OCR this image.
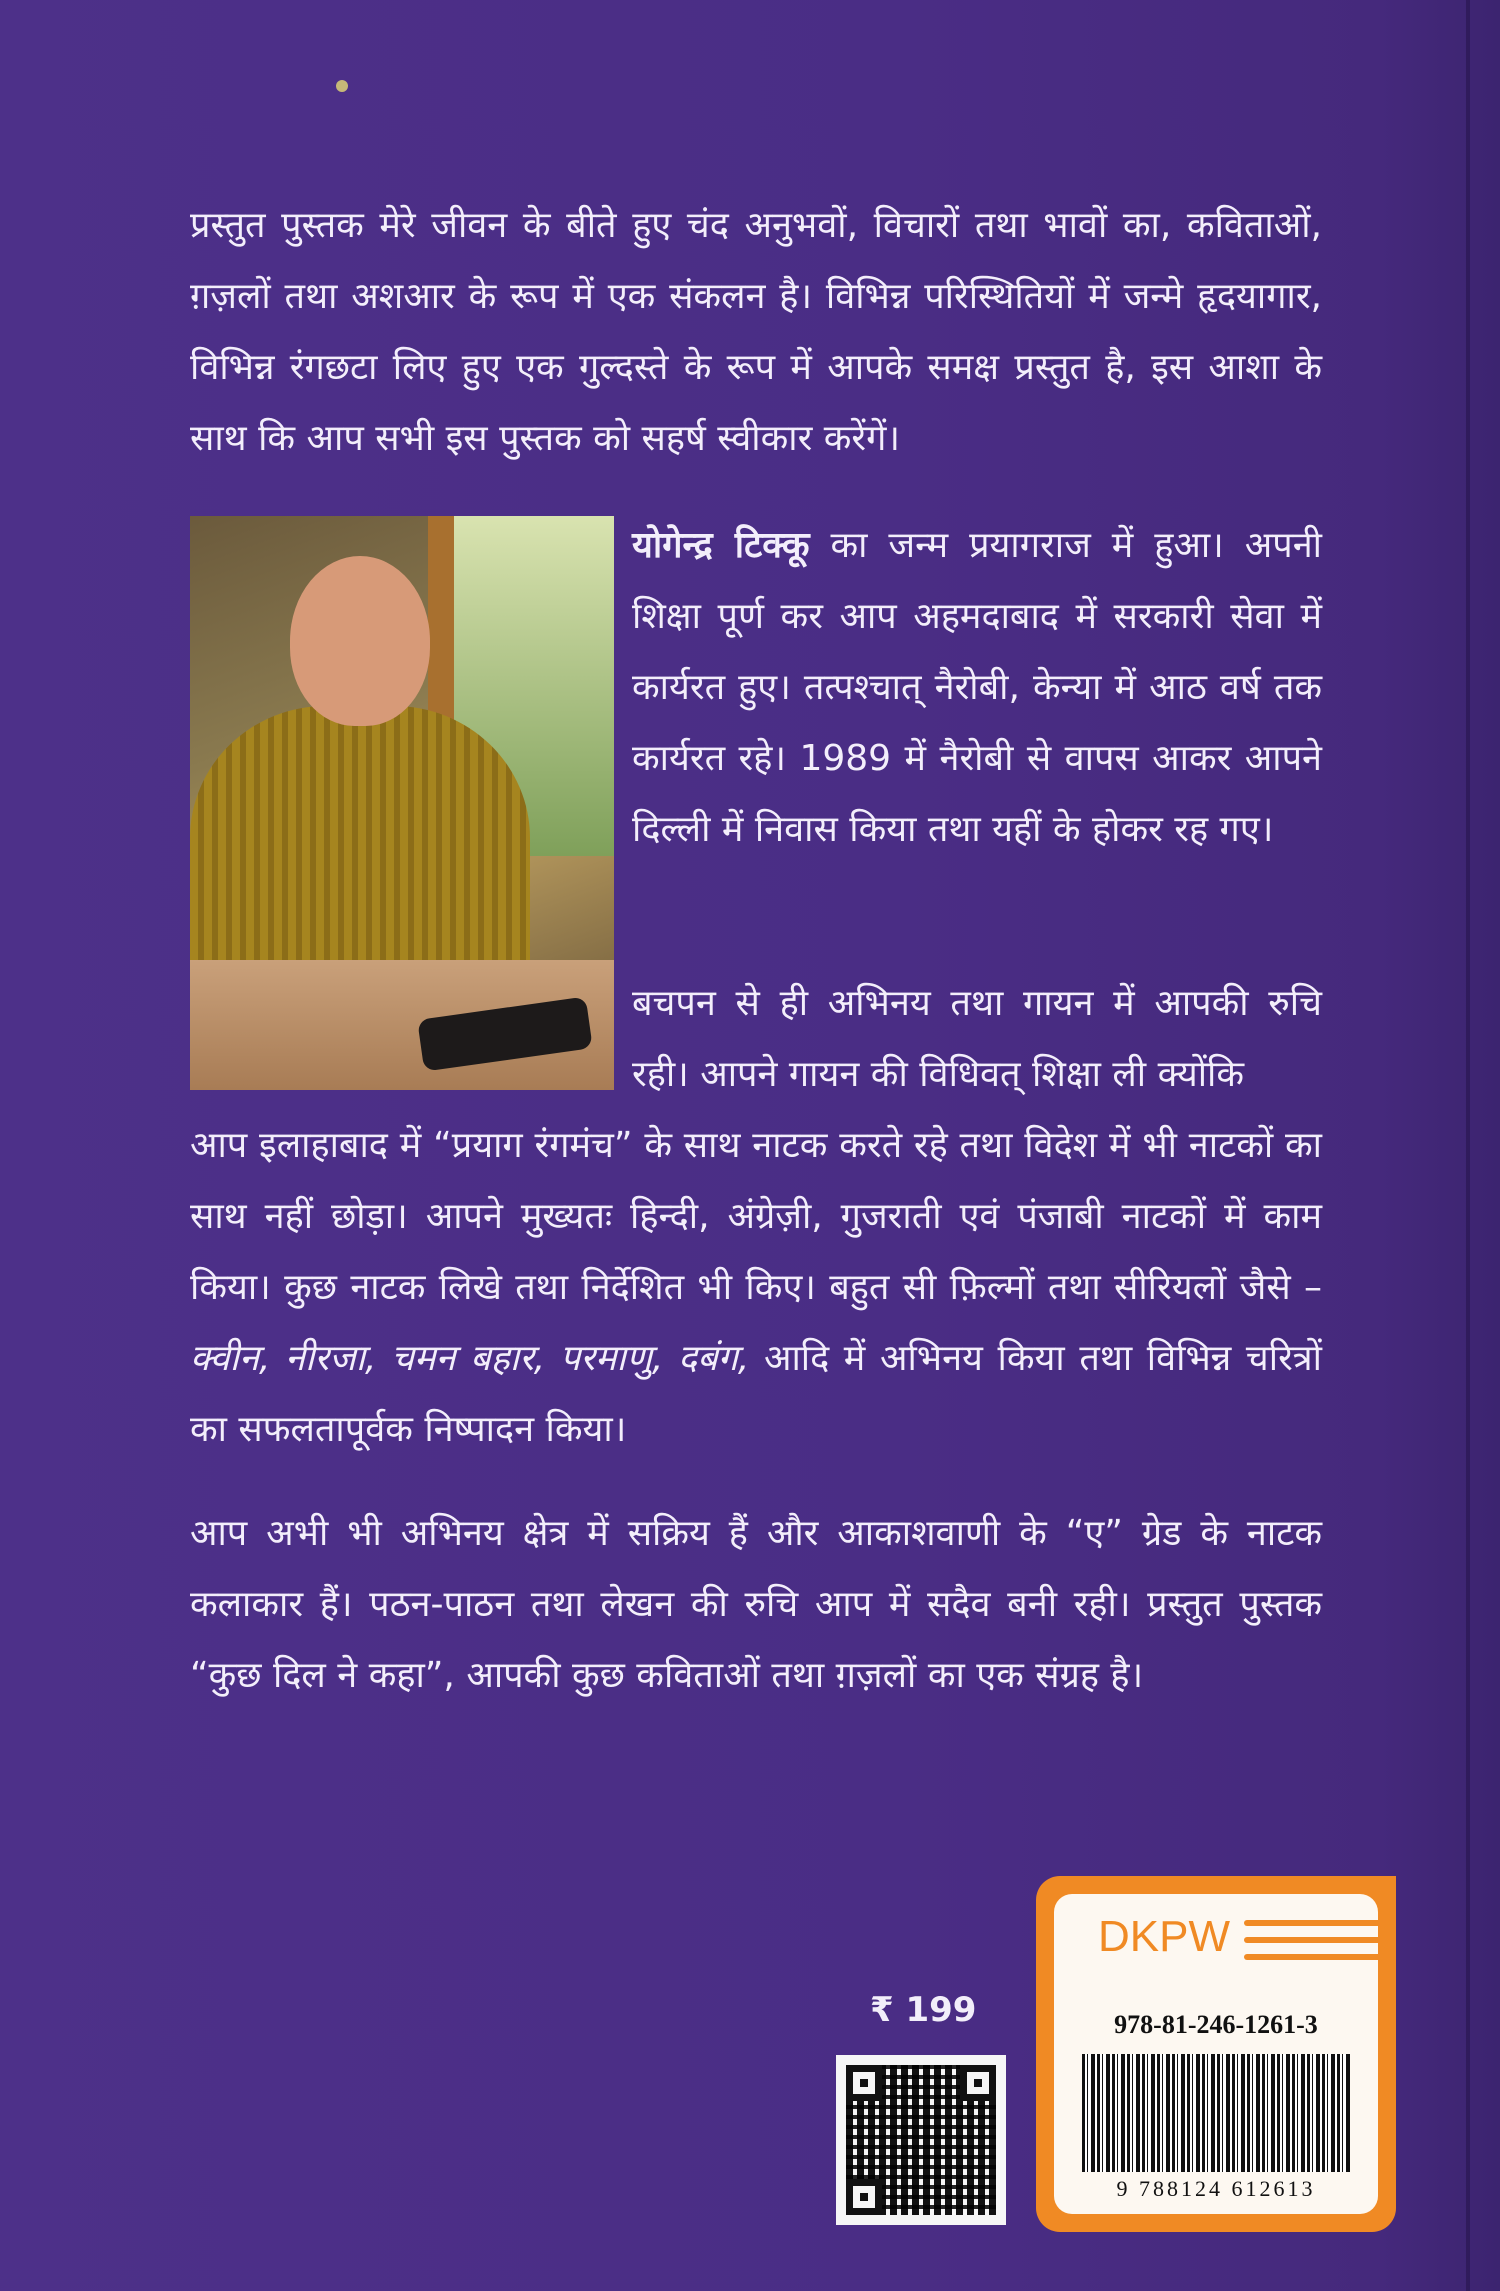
प्रस्तुत पुस्तक मेरे जीवन के बीते हुए चंद अनुभवों, विचारों तथा भावों का, कविताओं, ग़ज़लों तथा अशआर के रूप में एक संकलन है। विभिन्न परिस्थितियों में जन्मे हृदयागार, विभिन्न रंगछटा लिए हुए एक गुल्दस्ते के रूप में आपके समक्ष प्रस्तुत है, इस आशा के साथ कि आप सभी इस पुस्तक को सहर्ष स्वीकार करेंगें।
योगेन्द्र टिक्कू का जन्म प्रयागराज में हुआ। अपनी शिक्षा पूर्ण कर आप अहमदाबाद में सरकारी सेवा में कार्यरत हुए। तत्पश्चात् नैरोबी, केन्या में आठ वर्ष तक कार्यरत रहे। 1989 में नैरोबी से वापस आकर आपने दिल्ली में निवास किया तथा यहीं के होकर रह गए।
बचपन से ही अभिनय तथा गायन में आपकी रुचि रही। आपने गायन की विधिवत् शिक्षा ली क्योंकि
आप इलाहाबाद में “प्रयाग रंगमंच” के साथ नाटक करते रहे तथा विदेश में भी नाटकों का साथ नहीं छोड़ा। आपने मुख्यतः हिन्दी, अंग्रेज़ी, गुजराती एवं पंजाबी नाटकों में काम किया। कुछ नाटक लिखे तथा निर्देशित भी किए। बहुत सी फ़िल्मों तथा सीरियलों जैसे – क्वीन, नीरजा, चमन बहार, परमाणु, दबंग, आदि में अभिनय किया तथा विभिन्न चरित्रों का सफलतापूर्वक निष्पादन किया।
आप अभी भी अभिनय क्षेत्र में सक्रिय हैं और आकाशवाणी के “ए” ग्रेड के नाटक कलाकार हैं। पठन-पाठन तथा लेखन की रुचि आप में सदैव बनी रही। प्रस्तुत पुस्तक “कुछ दिल ने कहा”, आपकी कुछ कविताओं तथा ग़ज़लों का एक संग्रह है।
₹ 199
DKPW
978-81-246-1261-3
9 788124 612613
